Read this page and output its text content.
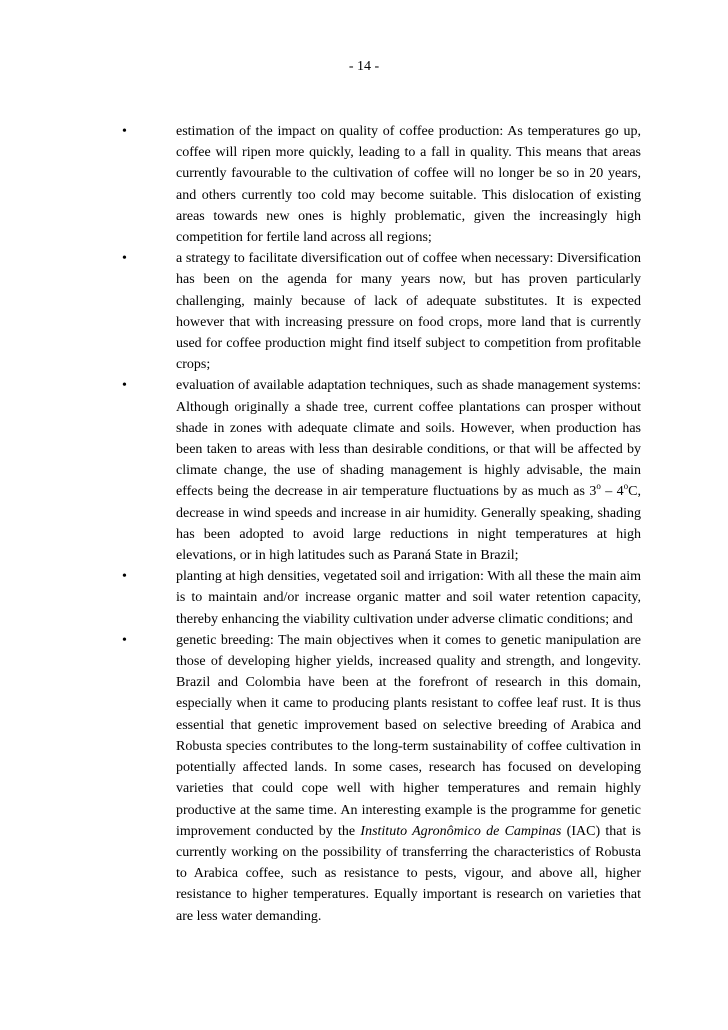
- 14 -
•	estimation of the impact on quality of coffee production: As temperatures go up, coffee will ripen more quickly, leading to a fall in quality. This means that areas currently favourable to the cultivation of coffee will no longer be so in 20 years, and others currently too cold may become suitable. This dislocation of existing areas towards new ones is highly problematic, given the increasingly high competition for fertile land across all regions;
•	a strategy to facilitate diversification out of coffee when necessary: Diversification has been on the agenda for many years now, but has proven particularly challenging, mainly because of lack of adequate substitutes. It is expected however that with increasing pressure on food crops, more land that is currently used for coffee production might find itself subject to competition from profitable crops;
•	evaluation of available adaptation techniques, such as shade management systems: Although originally a shade tree, current coffee plantations can prosper without shade in zones with adequate climate and soils. However, when production has been taken to areas with less than desirable conditions, or that will be affected by climate change, the use of shading management is highly advisable, the main effects being the decrease in air temperature fluctuations by as much as 3$^o$ – 4$^o$C, decrease in wind speeds and increase in air humidity. Generally speaking, shading has been adopted to avoid large reductions in night temperatures at high elevations, or in high latitudes such as Paraná State in Brazil;
•	planting at high densities, vegetated soil and irrigation: With all these the main aim is to maintain and/or increase organic matter and soil water retention capacity, thereby enhancing the viability cultivation under adverse climatic conditions; and
•	genetic breeding: The main objectives when it comes to genetic manipulation are those of developing higher yields, increased quality and strength, and longevity. Brazil and Colombia have been at the forefront of research in this domain, especially when it came to producing plants resistant to coffee leaf rust. It is thus essential that genetic improvement based on selective breeding of Arabica and Robusta species contributes to the long-term sustainability of coffee cultivation in potentially affected lands. In some cases, research has focused on developing varieties that could cope well with higher temperatures and remain highly productive at the same time. An interesting example is the programme for genetic improvement conducted by the Instituto Agronômico de Campinas (IAC) that is currently working on the possibility of transferring the characteristics of Robusta to Arabica coffee, such as resistance to pests, vigour, and above all, higher resistance to higher temperatures. Equally important is research on varieties that are less water demanding.
